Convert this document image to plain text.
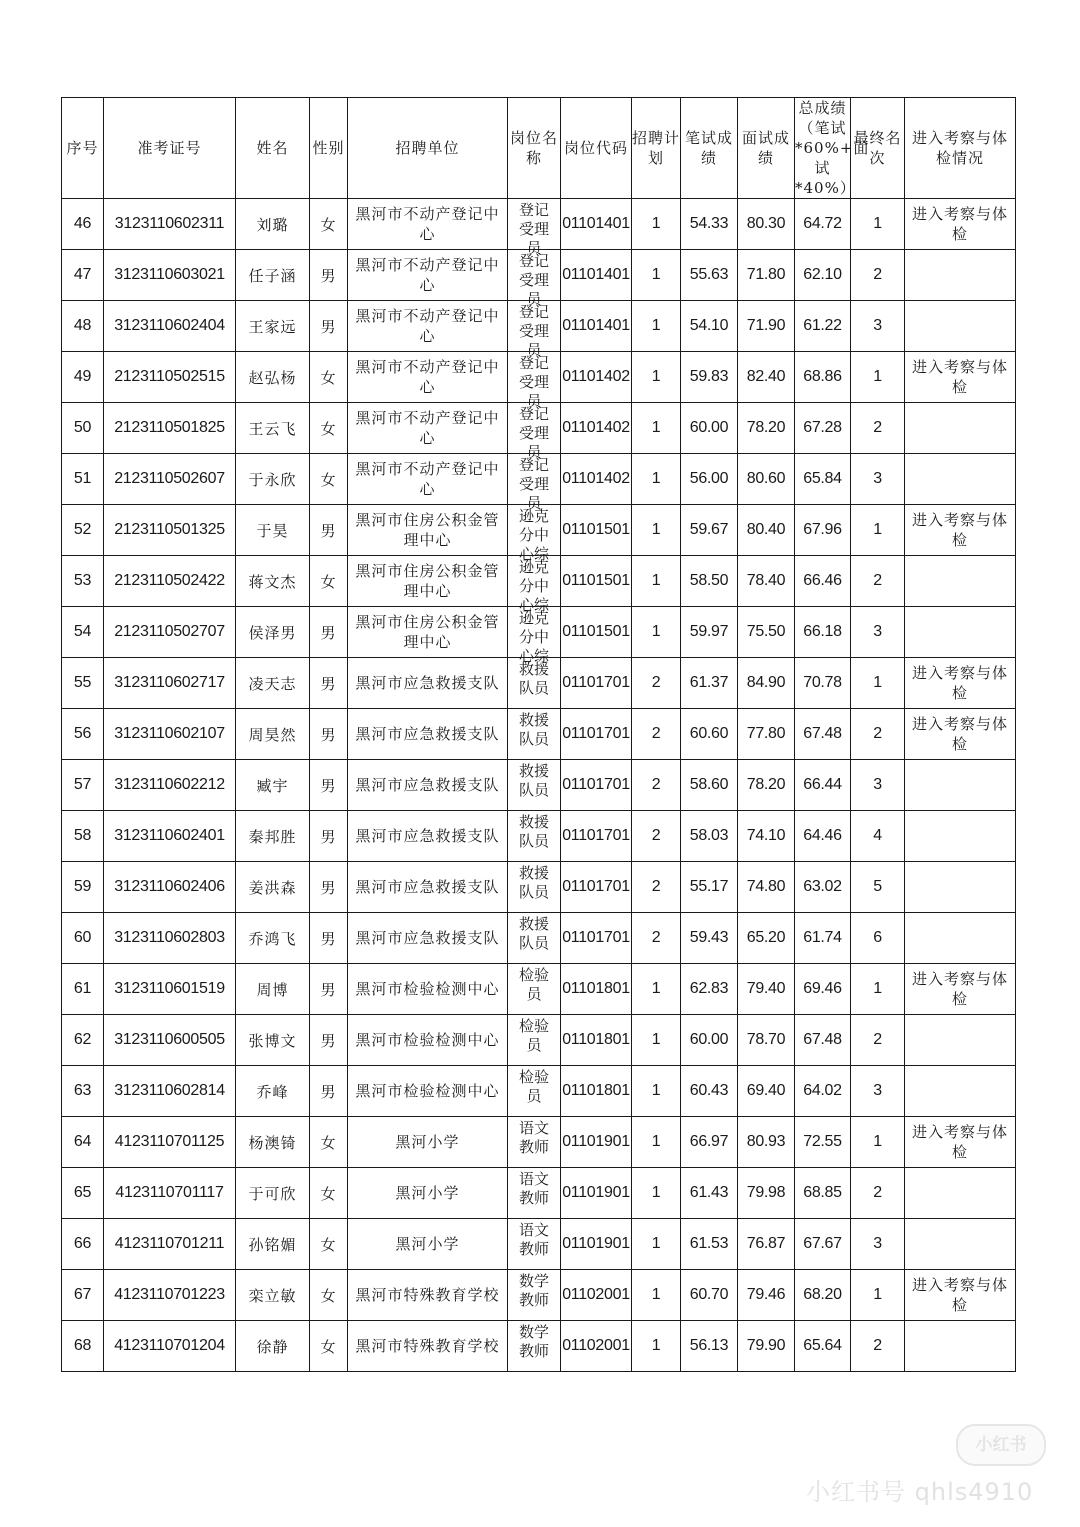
序号	准考证号	姓名	性别	招聘单位	岗位名称	岗位代码	招聘计划	笔试成绩	面试成绩	总成绩（笔试*60%+面试*40%）	最终名次	进入考察与体检情况
46	3123110602311	刘璐	女	黑河市不动产登记中心	登记受理员	01101401	1	54.33	80.30	64.72	1	进入考察与体检
47	3123110603021	任子涵	男	黑河市不动产登记中心	登记受理员	01101401	1	55.63	71.80	62.10	2	
48	3123110602404	王家远	男	黑河市不动产登记中心	登记受理员	01101401	1	54.10	71.90	61.22	3	
49	2123110502515	赵弘杨	女	黑河市不动产登记中心	登记受理员	01101402	1	59.83	82.40	68.86	1	进入考察与体检
50	2123110501825	王云飞	女	黑河市不动产登记中心	登记受理员	01101402	1	60.00	78.20	67.28	2	
51	2123110502607	于永欣	女	黑河市不动产登记中心	登记受理员	01101402	1	56.00	80.60	65.84	3	
52	2123110501325	于昊	男	黑河市住房公积金管理中心	逊克分中心综	01101501	1	59.67	80.40	67.96	1	进入考察与体检
53	2123110502422	蒋文杰	女	黑河市住房公积金管理中心	逊克分中心综	01101501	1	58.50	78.40	66.46	2	
54	2123110502707	侯泽男	男	黑河市住房公积金管理中心	逊克分中心综	01101501	1	59.97	75.50	66.18	3	
55	3123110602717	凌天志	男	黑河市应急救援支队	救援队员	01101701	2	61.37	84.90	70.78	1	进入考察与体检
56	3123110602107	周昊然	男	黑河市应急救援支队	救援队员	01101701	2	60.60	77.80	67.48	2	进入考察与体检
57	3123110602212	臧宇	男	黑河市应急救援支队	救援队员	01101701	2	58.60	78.20	66.44	3	
58	3123110602401	秦邦胜	男	黑河市应急救援支队	救援队员	01101701	2	58.03	74.10	64.46	4	
59	3123110602406	姜洪森	男	黑河市应急救援支队	救援队员	01101701	2	55.17	74.80	63.02	5	
60	3123110602803	乔鸿飞	男	黑河市应急救援支队	救援队员	01101701	2	59.43	65.20	61.74	6	
61	3123110601519	周博	男	黑河市检验检测中心	检验员	01101801	1	62.83	79.40	69.46	1	进入考察与体检
62	3123110600505	张博文	男	黑河市检验检测中心	检验员	01101801	1	60.00	78.70	67.48	2	
63	3123110602814	乔峰	男	黑河市检验检测中心	检验员	01101801	1	60.43	69.40	64.02	3	
64	4123110701125	杨澳锜	女	黑河小学	语文教师	01101901	1	66.97	80.93	72.55	1	进入考察与体检
65	4123110701117	于可欣	女	黑河小学	语文教师	01101901	1	61.43	79.98	68.85	2	
66	4123110701211	孙铭媚	女	黑河小学	语文教师	01101901	1	61.53	76.87	67.67	3	
67	4123110701223	栾立敏	女	黑河市特殊教育学校	数学教师	01102001	1	60.70	79.46	68.20	1	进入考察与体检
68	4123110701204	徐静	女	黑河市特殊教育学校	数学教师	01102001	1	56.13	79.90	65.64	2	
小红书
小红书号 qhls4910
